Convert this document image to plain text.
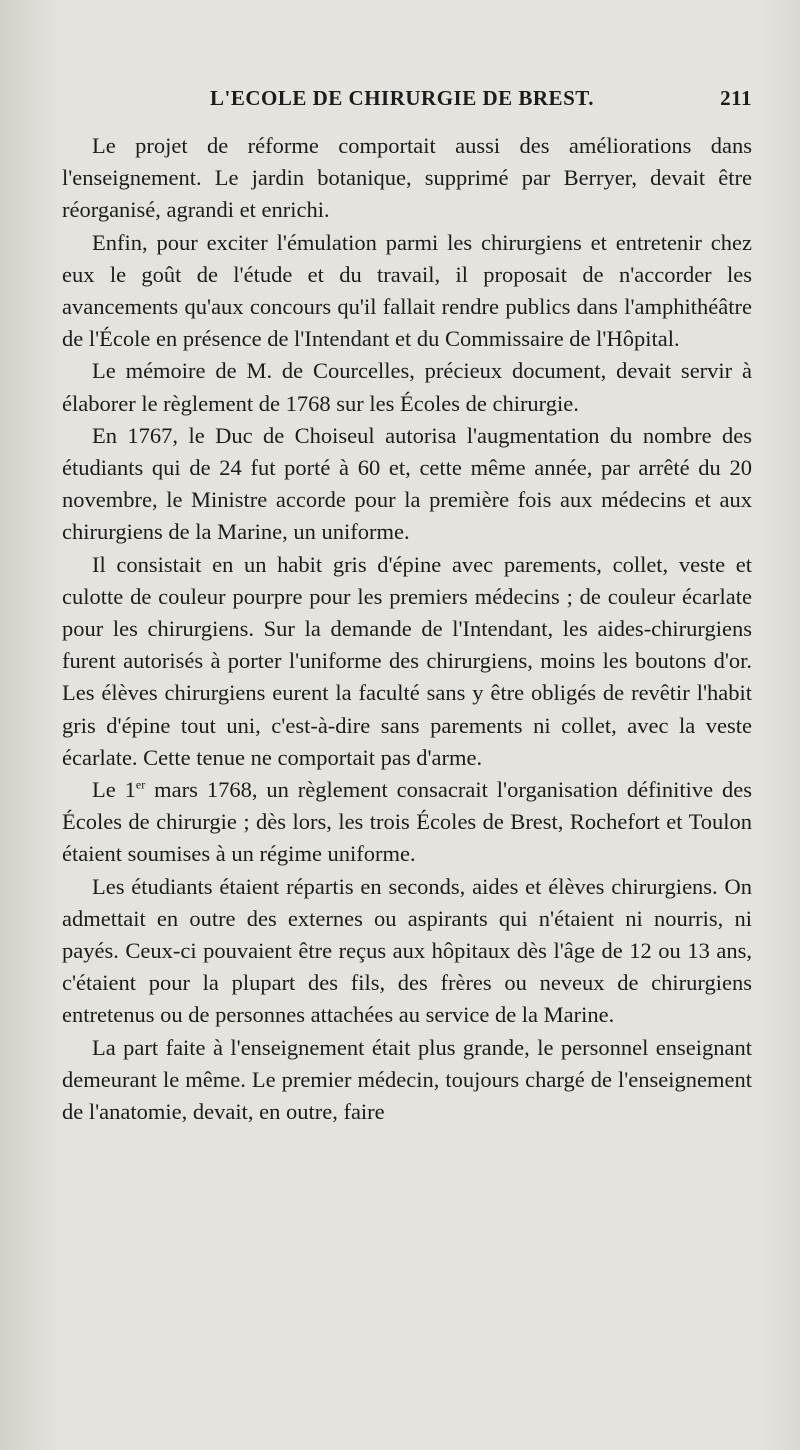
L'ECOLE DE CHIRURGIE DE BREST.	211

Le projet de réforme comportait aussi des améliorations dans l'enseignement. Le jardin botanique, supprimé par Berryer, devait être réorganisé, agrandi et enrichi.

Enfin, pour exciter l'émulation parmi les chirurgiens et entretenir chez eux le goût de l'étude et du travail, il proposait de n'accorder les avancements qu'aux concours qu'il fallait rendre publics dans l'amphithéâtre de l'École en présence de l'Intendant et du Commissaire de l'Hôpital.

Le mémoire de M. de Courcelles, précieux document, devait servir à élaborer le règlement de 1768 sur les Écoles de chirurgie.

En 1767, le Duc de Choiseul autorisa l'augmentation du nombre des étudiants qui de 24 fut porté à 60 et, cette même année, par arrêté du 20 novembre, le Ministre accorde pour la première fois aux médecins et aux chirurgiens de la Marine, un uniforme.

Il consistait en un habit gris d'épine avec parements, collet, veste et culotte de couleur pourpre pour les premiers médecins ; de couleur écarlate pour les chirurgiens. Sur la demande de l'Intendant, les aides-chirurgiens furent autorisés à porter l'uniforme des chirurgiens, moins les boutons d'or. Les élèves chirurgiens eurent la faculté sans y être obligés de revêtir l'habit gris d'épine tout uni, c'est-à-dire sans parements ni collet, avec la veste écarlate. Cette tenue ne comportait pas d'arme.

Le 1er mars 1768, un règlement consacrait l'organisation définitive des Écoles de chirurgie ; dès lors, les trois Écoles de Brest, Rochefort et Toulon étaient soumises à un régime uniforme.

Les étudiants étaient répartis en seconds, aides et élèves chirurgiens. On admettait en outre des externes ou aspirants qui n'étaient ni nourris, ni payés. Ceux-ci pouvaient être reçus aux hôpitaux dès l'âge de 12 ou 13 ans, c'étaient pour la plupart des fils, des frères ou neveux de chirurgiens entretenus ou de personnes attachées au service de la Marine.

La part faite à l'enseignement était plus grande, le personnel enseignant demeurant le même. Le premier médecin, toujours chargé de l'enseignement de l'anatomie, devait, en outre, faire
